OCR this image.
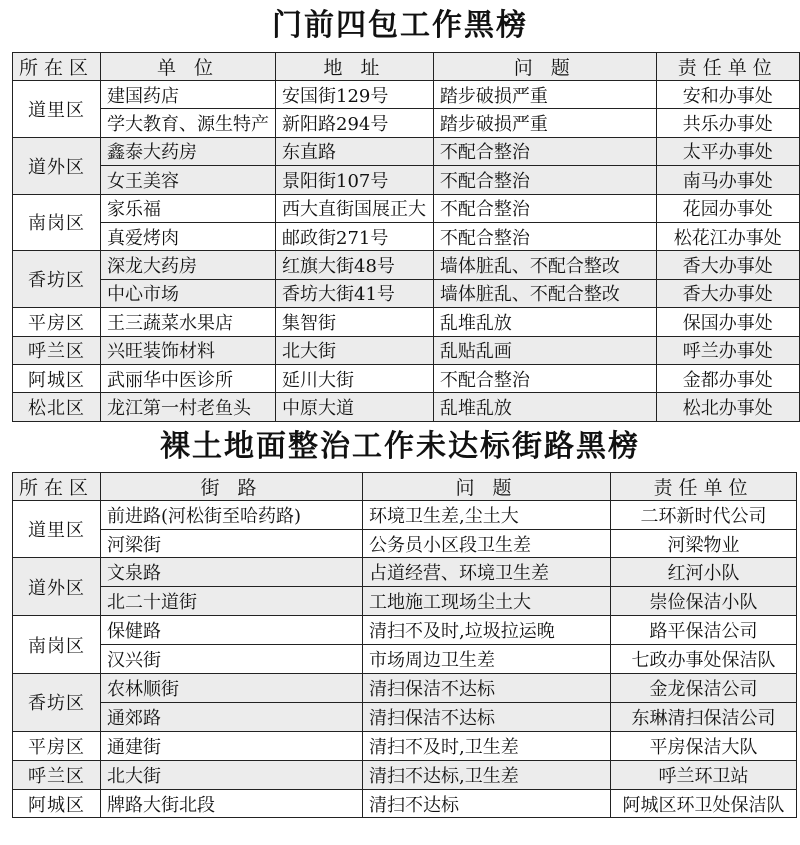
门前四包工作黑榜
所在区	单 位	地 址	问 题	责任单位
道里区	建国药店	安国街129号	踏步破损严重	安和办事处
	学大教育、源生特产	新阳路294号	踏步破损严重	共乐办事处
道外区	鑫泰大药房	东直路	不配合整治	太平办事处
	女王美容	景阳街107号	不配合整治	南马办事处
南岗区	家乐福	西大直街国展正大	不配合整治	花园办事处
	真爱烤肉	邮政街271号	不配合整治	松花江办事处
香坊区	深龙大药房	红旗大街48号	墙体脏乱、不配合整改	香大办事处
	中心市场	香坊大街41号	墙体脏乱、不配合整改	香大办事处
平房区	王三蔬菜水果店	集智街	乱堆乱放	保国办事处
呼兰区	兴旺装饰材料	北大街	乱贴乱画	呼兰办事处
阿城区	武丽华中医诊所	延川大街	不配合整治	金都办事处
松北区	龙江第一村老鱼头	中原大道	乱堆乱放	松北办事处
裸土地面整治工作未达标街路黑榜
所在区	街 路	问 题	责任单位
道里区	前进路(河松街至哈药路)	环境卫生差,尘土大	二环新时代公司
	河梁街	公务员小区段卫生差	河梁物业
道外区	文泉路	占道经营、环境卫生差	红河小队
	北二十道街	工地施工现场尘土大	崇俭保洁小队
南岗区	保健路	清扫不及时,垃圾拉运晚	路平保洁公司
	汉兴街	市场周边卫生差	七政办事处保洁队
香坊区	农林顺街	清扫保洁不达标	金龙保洁公司
	通郊路	清扫保洁不达标	东琳清扫保洁公司
平房区	通建街	清扫不及时,卫生差	平房保洁大队
呼兰区	北大街	清扫不达标,卫生差	呼兰环卫站
阿城区	牌路大街北段	清扫不达标	阿城区环卫处保洁队
